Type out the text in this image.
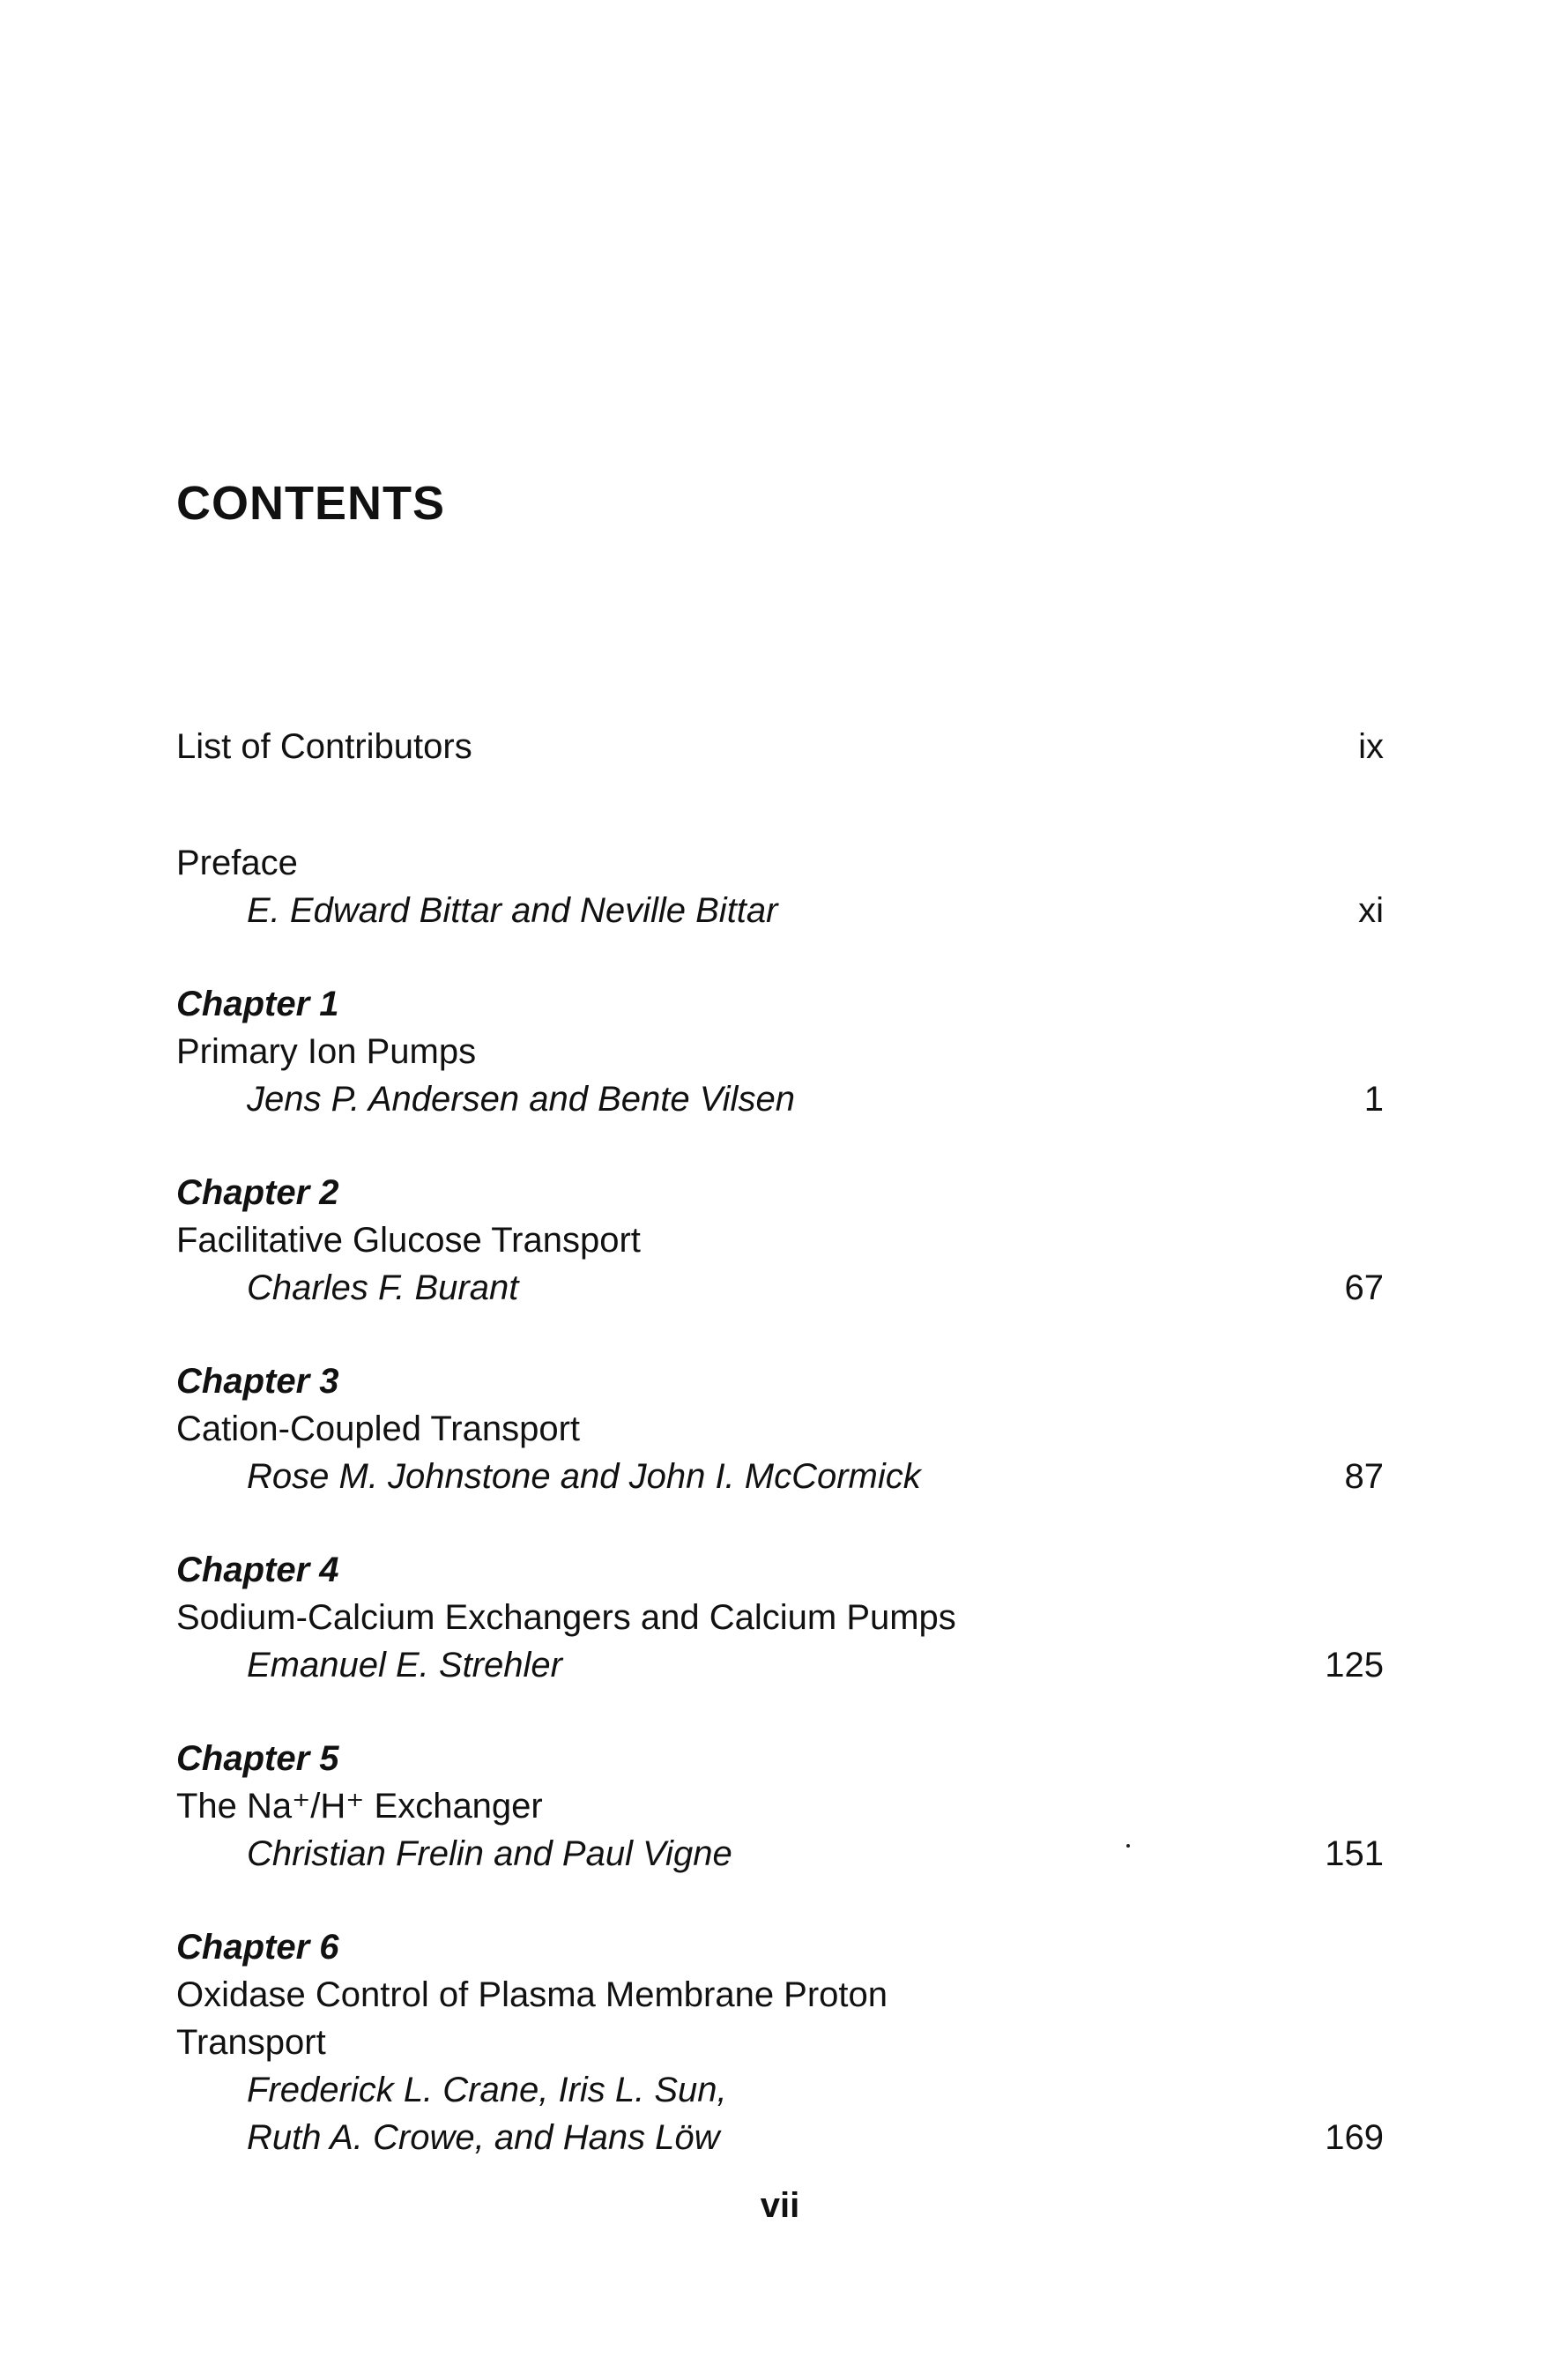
CONTENTS
List of Contributors	ix
Preface
E. Edward Bittar and Neville Bittar	xi
Chapter 1
Primary Ion Pumps
Jens P. Andersen and Bente Vilsen	1
Chapter 2
Facilitative Glucose Transport
Charles F. Burant	67
Chapter 3
Cation-Coupled Transport
Rose M. Johnstone and John I. McCormick	87
Chapter 4
Sodium-Calcium Exchangers and Calcium Pumps
Emanuel E. Strehler	125
Chapter 5
The Na⁺/H⁺ Exchanger
Christian Frelin and Paul Vigne	151
Chapter 6
Oxidase Control of Plasma Membrane Proton
Transport
Frederick L. Crane, Iris L. Sun,
Ruth A. Crowe, and Hans Löw	169
vii
